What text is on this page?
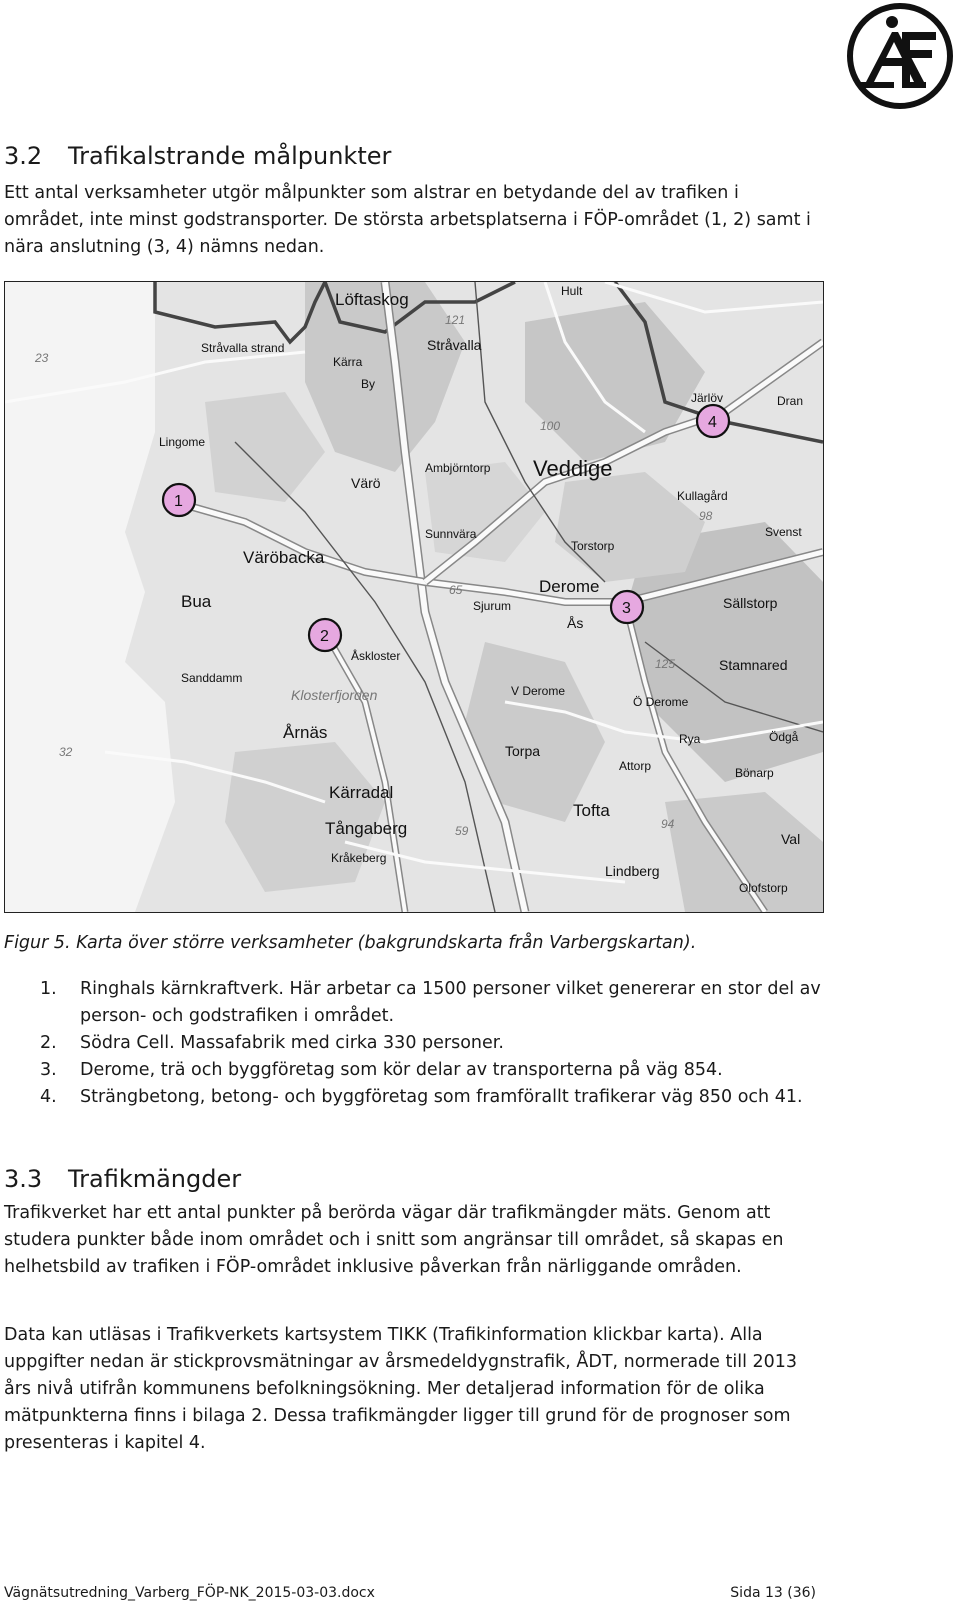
3.2 Trafikalstrande målpunkter

Ett antal verksamheter utgör målpunkter som alstrar en betydande del av trafiken i området, inte minst godstransporter. De största arbetsplatserna i FÖP-området (1, 2) samt i nära anslutning (3, 4) nämns nedan.

Löftaskog	Hult
121
Stråvalla
Stråvalla strand
Kärra
By
23
Järlöv	Dran
100
Lingome
Ambjörntorp Veddige
Värö
Kullagård
98
Sunnvära	Svenst
Väröbacka
Torstorp
Derome
65
Bua	Sjurum
Ås
Sällstorp
Åskloster
125	Stamnared
Sanddamm
Klosterfjorden	V Derome
Ö Derome
Årnäs
32	Torpa
Rya	Ödgå
Attorp	Bönarp
Kärradal
Tofta
94
Tångaberg	59	Val
Kråkeberg
Lindberg
Olofstorp
1
2
3
4

Figur 5. Karta över större verksamheter (bakgrundskarta från Varbergskartan).

1.	Ringhals kärnkraftverk. Här arbetar ca 1500 personer vilket genererar en stor del av person- och godstrafiken i området.
2.	Södra Cell. Massafabrik med cirka 330 personer.
3.	Derome, trä och byggföretag som kör delar av transporterna på väg 854.
4.	Strängbetong, betong- och byggföretag som framförallt trafikerar väg 850 och 41.
3.3 Trafikmängder

Trafikverket har ett antal punkter på berörda vägar där trafikmängder mäts. Genom att studera punkter både inom området och i snitt som angränsar till området, så skapas en helhetsbild av trafiken i FÖP-området inklusive påverkan från närliggande områden.

Data kan utläsas i Trafikverkets kartsystem TIKK (Trafikinformation klickbar karta). Alla uppgifter nedan är stickprovsmätningar av årsmedeldygnstrafik, ÅDT, normerade till 2013 års nivå utifrån kommunens befolkningsökning. Mer detaljerad information för de olika mätpunkterna finns i bilaga 2. Dessa trafikmängder ligger till grund för de prognoser som presenteras i kapitel 4.

Vägnätsutredning_Varberg_FÖP-NK_2015-03-03.docx	Sida 13 (36)
